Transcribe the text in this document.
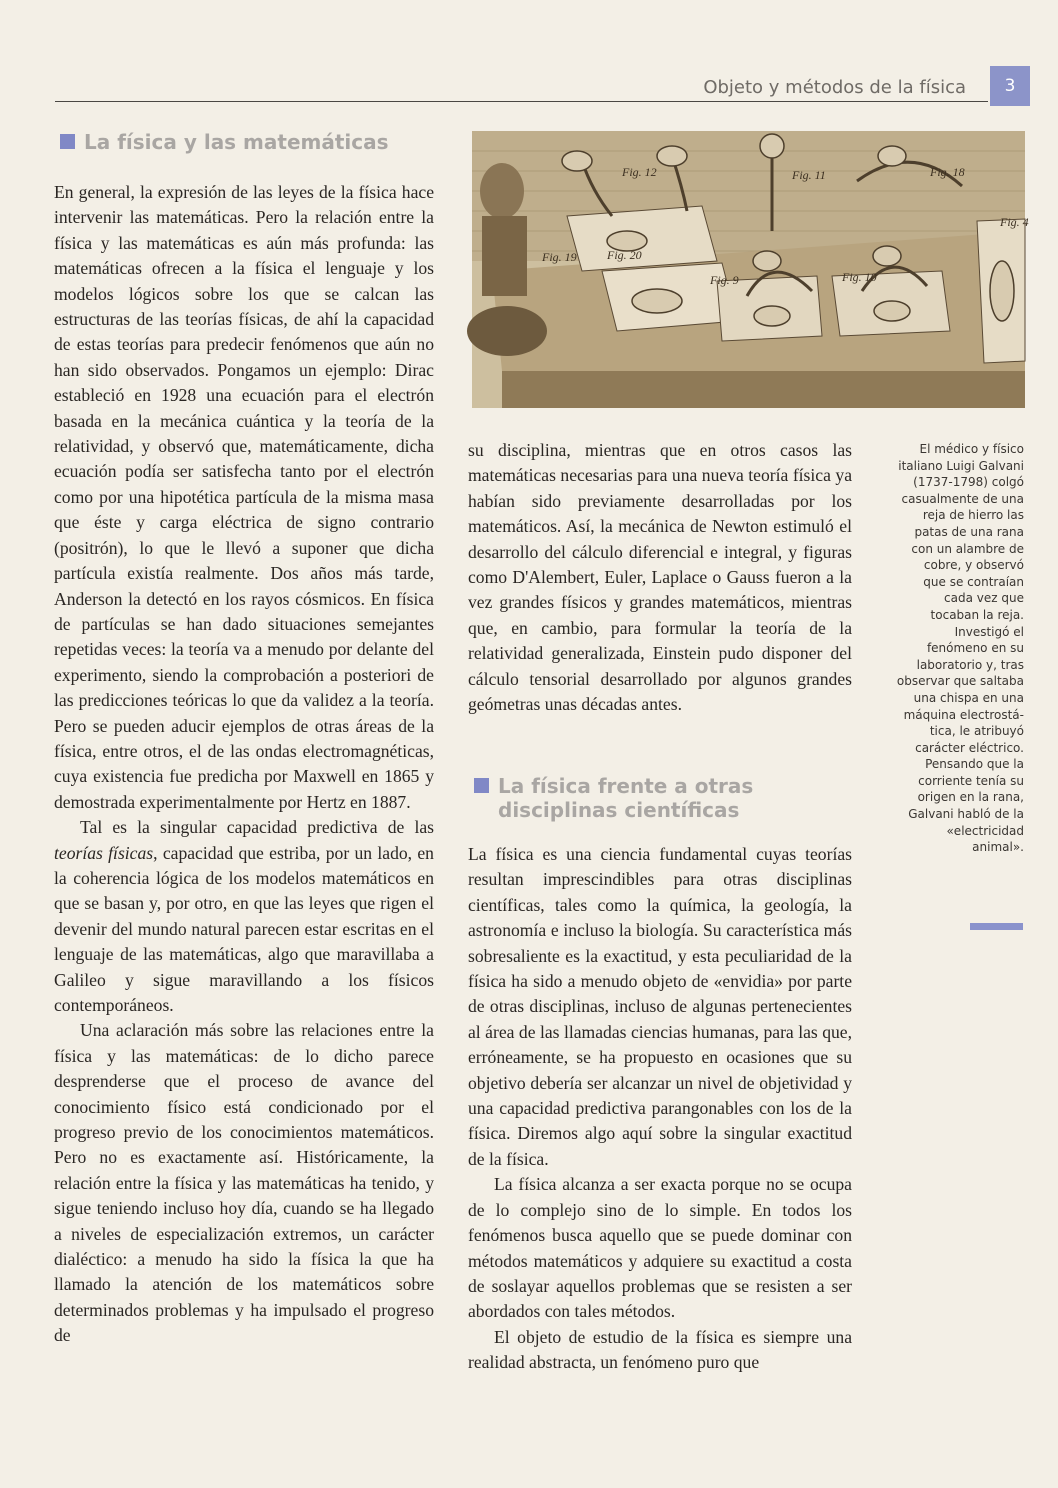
Objeto y métodos de la física	3
La física y las matemáticas

En general, la expresión de las leyes de la física hace intervenir las matemáticas. Pero la relación entre la física y las matemáticas es aún más profunda: las matemáticas ofrecen a la física el lenguaje y los modelos lógicos sobre los que se calcan las estructuras de las teorías físicas, de ahí la capacidad de estas teorías para predecir fenómenos que aún no han sido observados. Pongamos un ejemplo: Dirac estableció en 1928 una ecuación para el electrón basada en la mecánica cuántica y la teoría de la relatividad, y observó que, matemáticamente, dicha ecuación podía ser satisfecha tanto por el electrón como por una hipotética partícula de la misma masa que éste y carga eléctrica de signo contrario (positrón), lo que le llevó a suponer que dicha partícula existía realmente. Dos años más tarde, Anderson la detectó en los rayos cósmicos. En física de partículas se han dado situaciones semejantes repetidas veces: la teoría va a menudo por delante del experimento, siendo la comprobación a posteriori de las predicciones teóricas lo que da validez a la teoría. Pero se pueden aducir ejemplos de otras áreas de la física, entre otros, el de las ondas electromagnéticas, cuya existencia fue predicha por Maxwell en 1865 y demostrada experimentalmente por Hertz en 1887.

Tal es la singular capacidad predictiva de las teorías físicas, capacidad que estriba, por un lado, en la coherencia lógica de los modelos matemáticos en que se basan y, por otro, en que las leyes que rigen el devenir del mundo natural parecen estar escritas en el lenguaje de las matemáticas, algo que maravillaba a Galileo y sigue maravillando a los físicos contemporáneos.

Una aclaración más sobre las relaciones entre la física y las matemáticas: de lo dicho parece desprenderse que el proceso de avance del conocimiento físico está condicionado por el progreso previo de los conocimientos matemáticos. Pero no es exactamente así. Históricamente, la relación entre la física y las matemáticas ha tenido, y sigue teniendo incluso hoy día, cuando se ha llegado a niveles de especialización extremos, un carácter dialéctico: a menudo ha sido la física la que ha llamado la atención de los matemáticos sobre determinados problemas y ha impulsado el progreso de

Fig. 12	Fig. 11	Fig. 18
Fig. 19	Fig. 20
Fig. 9	Fig. 10
Fig. 4

su disciplina, mientras que en otros casos las matemáticas necesarias para una nueva teoría física ya habían sido previamente desarrolladas por los matemáticos. Así, la mecánica de Newton estimuló el desarrollo del cálculo diferencial e integral, y figuras como D'Alembert, Euler, Laplace o Gauss fueron a la vez grandes físicos y grandes matemáticos, mientras que, en cambio, para formular la teoría de la relatividad generalizada, Einstein pudo disponer del cálculo tensorial desarrollado por algunos grandes geómetras unas décadas antes.

La física frente a otras
disciplinas científicas

La física es una ciencia fundamental cuyas teorías resultan imprescindibles para otras disciplinas científicas, tales como la química, la geología, la astronomía e incluso la biología. Su característica más sobresaliente es la exactitud, y esta peculiaridad de la física ha sido a menudo objeto de «envidia» por parte de otras disciplinas, incluso de algunas pertenecientes al área de las llamadas ciencias humanas, para las que, erróneamente, se ha propuesto en ocasiones que su objetivo debería ser alcanzar un nivel de objetividad y una capacidad predictiva parangonables con los de la física. Diremos algo aquí sobre la singular exactitud de la física.

La física alcanza a ser exacta porque no se ocupa de lo complejo sino de lo simple. En todos los fenómenos busca aquello que se puede dominar con métodos matemáticos y adquiere su exactitud a costa de soslayar aquellos problemas que se resisten a ser abordados con tales métodos.

El objeto de estudio de la física es siempre una realidad abstracta, un fenómeno puro que

El médico y físico
italiano Luigi Galvani
(1737-1798) colgó
casualmente de una
reja de hierro las
patas de una rana
con un alambre de
cobre, y observó
que se contraían
cada vez que
tocaban la reja.
Investigó el
fenómeno en su
laboratorio y, tras
observar que saltaba
una chispa en una
máquina electrostá-
tica, le atribuyó
carácter eléctrico.
Pensando que la
corriente tenía su
origen en la rana,
Galvani habló de la
«electricidad
animal».
